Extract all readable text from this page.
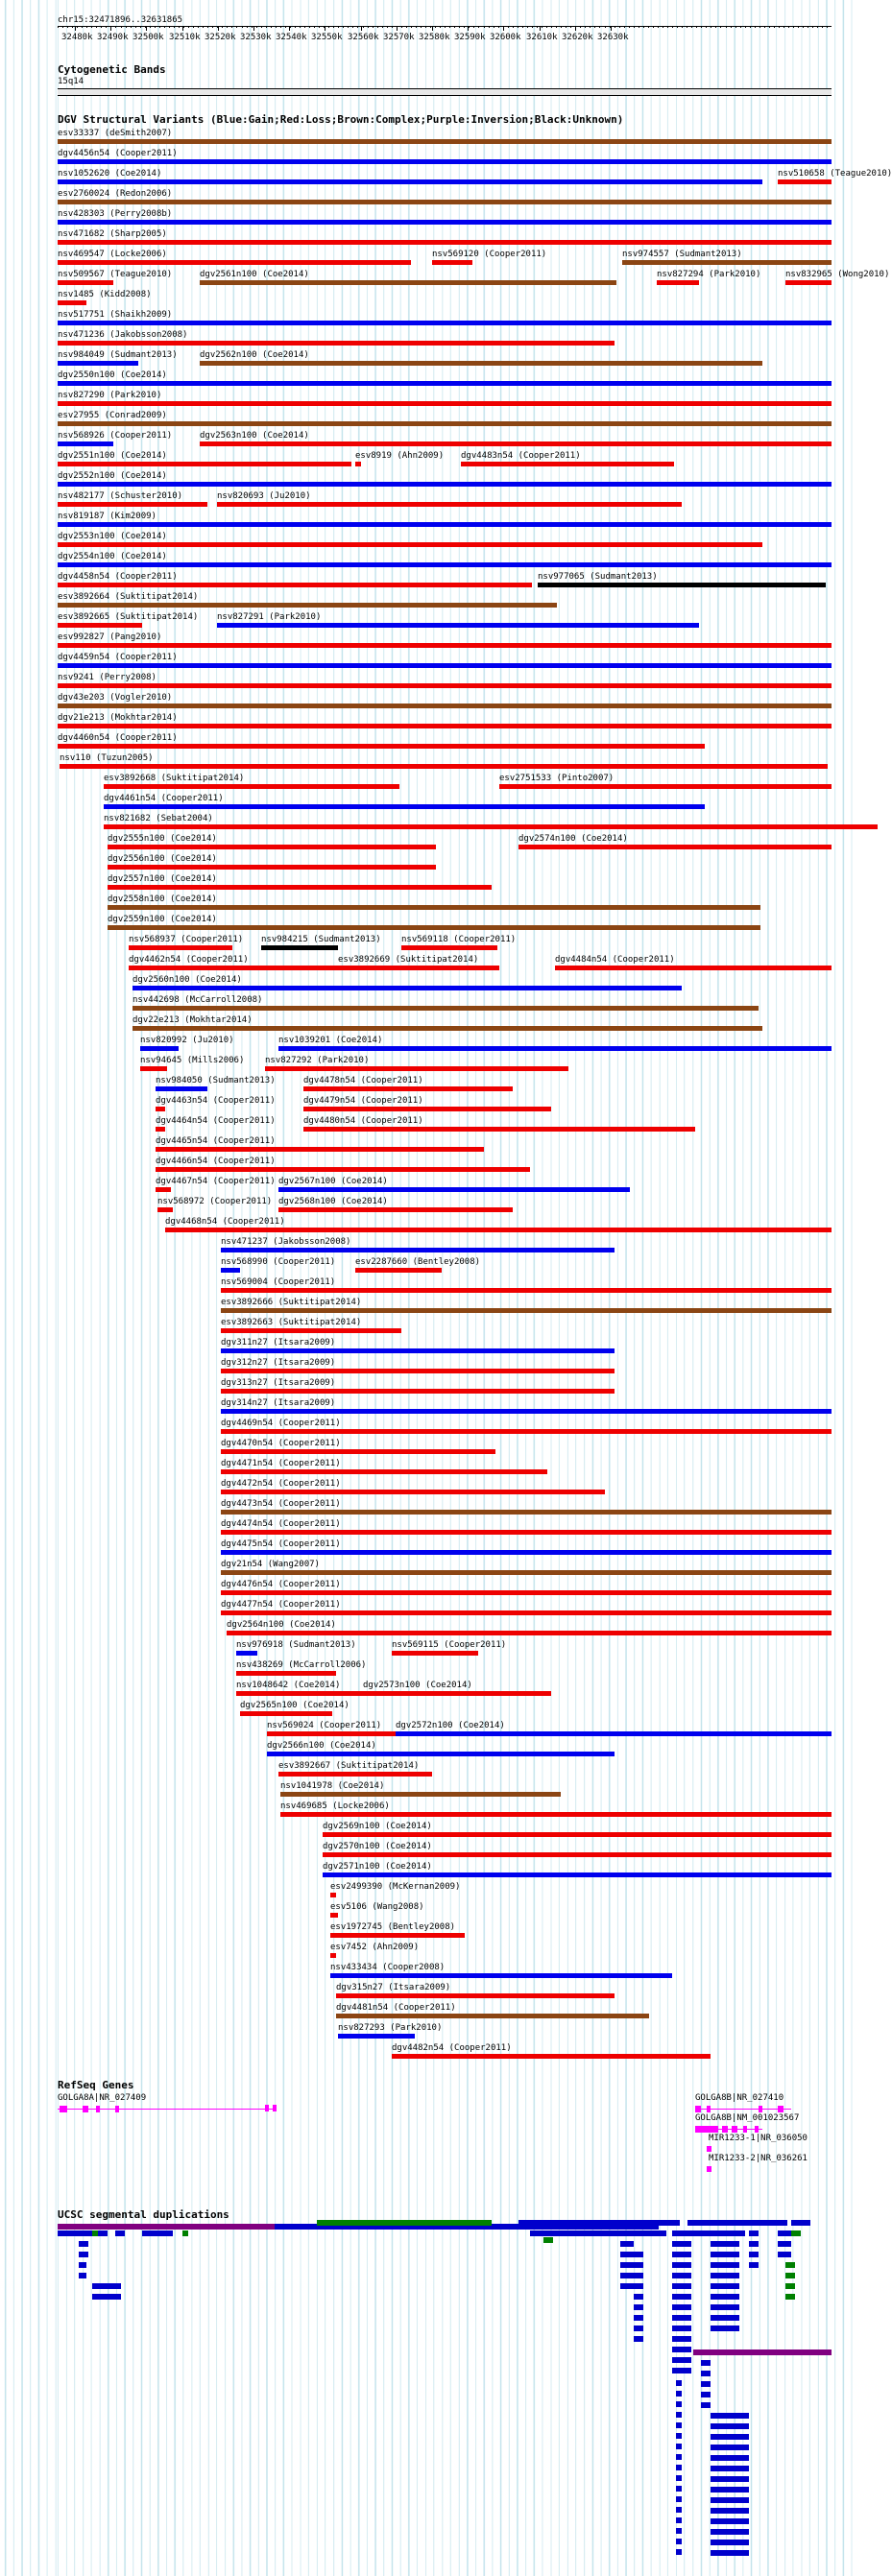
chr15:32471896..32631865
32480k 32490k 32500k 32510k 32520k 32530k 32540k 32550k 32560k 32570k 32580k 32590k 32600k 32610k 32620k 32630k
Cytogenetic Bands
15q14
DGV Structural Variants (Blue:Gain;Red:Loss;Brown:Complex;Purple:Inversion;Black:Unknown)
esv33337 (deSmith2007)
dgv4456n54 (Cooper2011)
nsv1052620 (Coe2014)	nsv510658 (Teague2010)
esv2760024 (Redon2006)
nsv428303 (Perry2008b)
nsv471682 (Sharp2005)
nsv469547 (Locke2006)	nsv569120 (Cooper2011)	nsv974557 (Sudmant2013)
nsv509567 (Teague2010)	dgv2561n100 (Coe2014)	nsv827294 (Park2010)	nsv832965 (Wong2010)
nsv1485 (Kidd2008)
nsv517751 (Shaikh2009)
nsv471236 (Jakobsson2008)
nsv984049 (Sudmant2013)	dgv2562n100 (Coe2014)
dgv2550n100 (Coe2014)
nsv827290 (Park2010)
esv27955 (Conrad2009)
nsv568926 (Cooper2011)	dgv2563n100 (Coe2014)
esv8919 (Ahn2009) dgv4483n54 (Cooper2011)
dgv2551n100 (Coe2014)
dgv2552n100 (Coe2014)
nsv482177 (Schuster2010)	nsv820693 (Ju2010)
nsv819187 (Kim2009)
dgv2553n100 (Coe2014)
dgv2554n100 (Coe2014)
dgv4458n54 (Cooper2011)	nsv977065 (Sudmant2013)
esv3892664 (Suktitipat2014)
esv3892665 (Suktitipat2014) nsv827291 (Park2010)
esv992827 (Pang2010)
dgv4459n54 (Cooper2011)
nsv9241 (Perry2008)
dgv43e203 (Vogler2010)
dgv21e213 (Mokhtar2014)
dgv4460n54 (Cooper2011)
nsv110 (Tuzun2005)
esv3892668 (Suktitipat2014)	esv2751533 (Pinto2007)
dgv4461n54 (Cooper2011)
nsv821682 (Sebat2004)
dgv2555n100 (Coe2014)	dgv2574n100 (Coe2014)
dgv2556n100 (Coe2014)
dgv2557n100 (Coe2014)
dgv2558n100 (Coe2014)
dgv2559n100 (Coe2014)
nsv568937 (Cooper2011) nsv984215 (Sudmant2013) nsv569118 (Cooper2011)
dgv4462n54 (Cooper2011)	esv3892669 (Suktitipat2014)	dgv4484n54 (Cooper2011)
dgv2560n100 (Coe2014)
nsv442698 (McCarroll2008)
dgv22e213 (Mokhtar2014)
nsv820992 (Ju2010)	nsv1039201 (Coe2014)
nsv94645 (Mills2006) nsv827292 (Park2010)
nsv984050 (Sudmant2013)	dgv4478n54 (Cooper2011)
dgv4463n54 (Cooper2011)	dgv4479n54 (Cooper2011)
dgv4464n54 (Cooper2011)	dgv4480n54 (Cooper2011)
dgv4465n54 (Cooper2011)
dgv4466n54 (Cooper2011)
dgv4467n54 (Cooper2011) dgv2567n100 (Coe2014)
nsv568972 (Cooper2011) dgv2568n100 (Coe2014)
dgv4468n54 (Cooper2011)
nsv471237 (Jakobsson2008)
nsv568990 (Cooper2011) esv2287660 (Bentley2008)
nsv569004 (Cooper2011)
esv3892666 (Suktitipat2014)
esv3892663 (Suktitipat2014)
dgv311n27 (Itsara2009)
dgv312n27 (Itsara2009)
dgv313n27 (Itsara2009)
dgv314n27 (Itsara2009)
dgv4469n54 (Cooper2011)
dgv4470n54 (Cooper2011)
dgv4471n54 (Cooper2011)
dgv4472n54 (Cooper2011)
dgv4473n54 (Cooper2011)
dgv4474n54 (Cooper2011)
dgv4475n54 (Cooper2011)
dgv21n54 (Wang2007)
dgv4476n54 (Cooper2011)
dgv4477n54 (Cooper2011)
dgv2564n100 (Coe2014)
nsv976918 (Sudmant2013)	nsv569115 (Cooper2011)
nsv438269 (McCarroll2006)
nsv1048642 (Coe2014)	dgv2573n100 (Coe2014)
dgv2565n100 (Coe2014)
nsv569024 (Cooper2011) dgv2572n100 (Coe2014)
dgv2566n100 (Coe2014)
esv3892667 (Suktitipat2014)
nsv1041978 (Coe2014)
nsv469685 (Locke2006)
dgv2569n100 (Coe2014)
dgv2570n100 (Coe2014)
dgv2571n100 (Coe2014)
esv2499390 (McKernan2009)
esv5106 (Wang2008)
esv1972745 (Bentley2008)
esv7452 (Ahn2009)
nsv433434 (Cooper2008)
dgv315n27 (Itsara2009)
dgv4481n54 (Cooper2011)
nsv827293 (Park2010)
dgv4482n54 (Cooper2011)
RefSeq Genes
GOLGA8A|NR_027409	GOLGA8B|NR_027410
GOLGA8B|NM_001023567
MIR1233-1|NR_036050
MIR1233-2|NR_036261
UCSC segmental duplications
